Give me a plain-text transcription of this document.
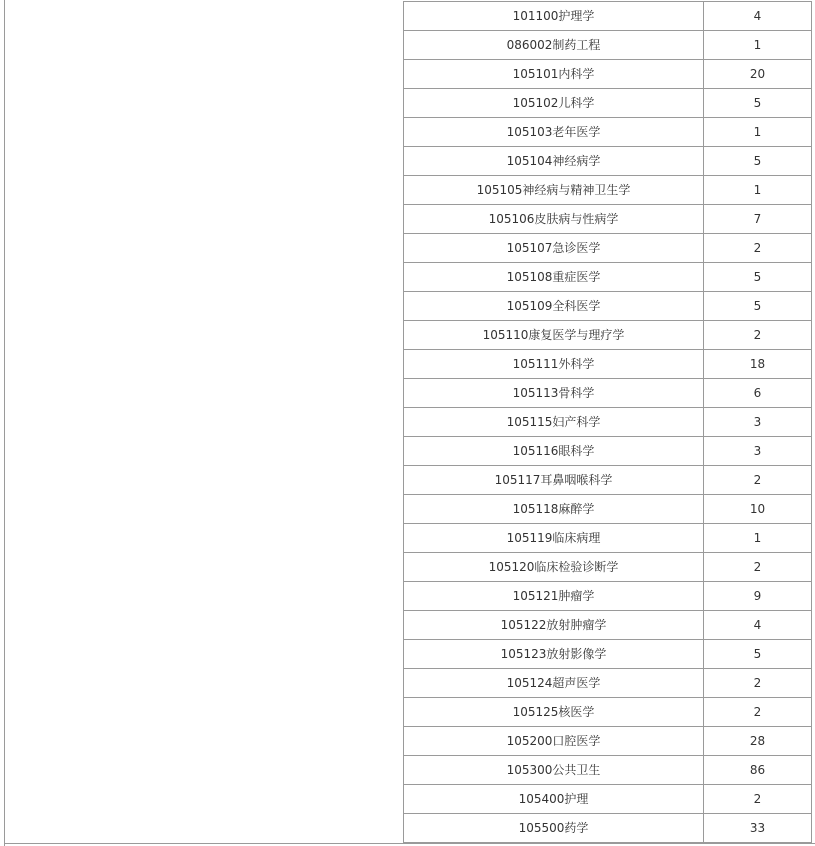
101100护理学	4
086002制药工程	1
105101内科学	20
105102儿科学	5
105103老年医学	1
105104神经病学	5
105105神经病与精神卫生学	1
105106皮肤病与性病学	7
105107急诊医学	2
105108重症医学	5
105109全科医学	5
105110康复医学与理疗学	2
105111外科学	18
105113骨科学	6
105115妇产科学	3
105116眼科学	3
105117耳鼻咽喉科学	2
105118麻醉学	10
105119临床病理	1
105120临床检验诊断学	2
105121肿瘤学	9
105122放射肿瘤学	4
105123放射影像学	5
105124超声医学	2
105125核医学	2
105200口腔医学	28
105300公共卫生	86
105400护理	2
105500药学	33
